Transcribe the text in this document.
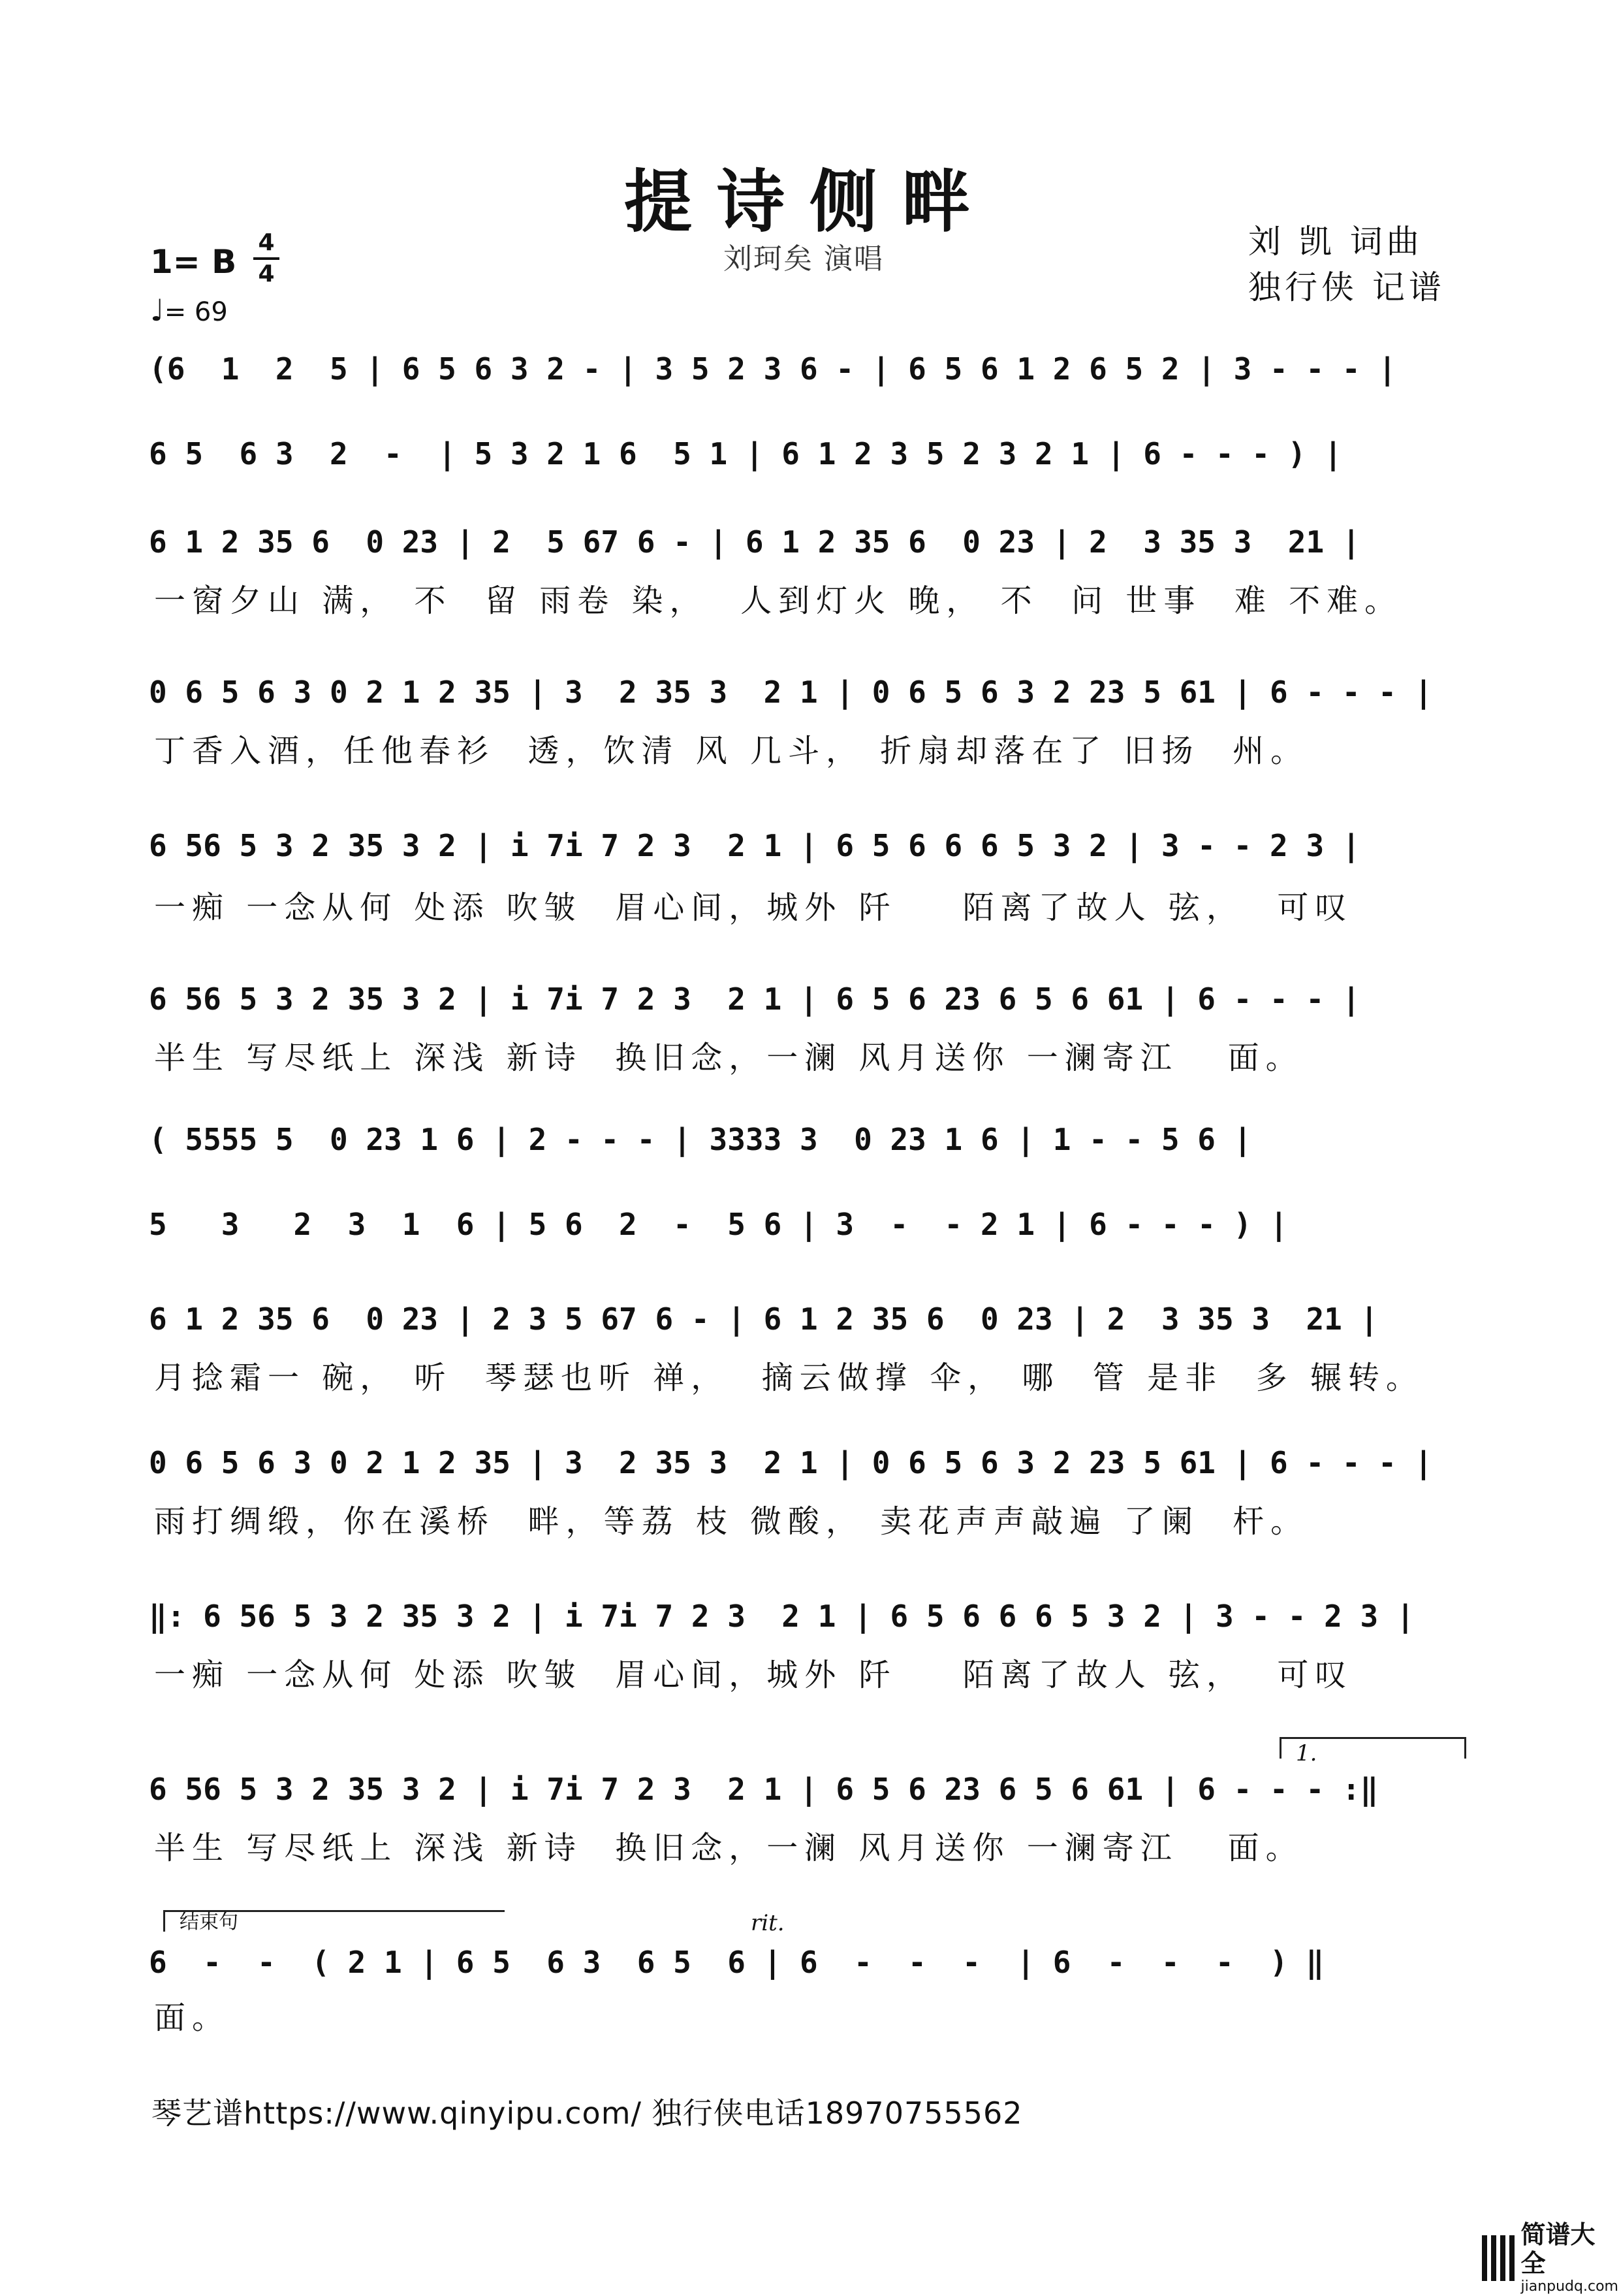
提诗侧畔
刘珂矣 演唱	刘 凯 词曲
独行侠 记谱
1= B
4
4
♩= 69
(6  1  2  5 | 6 5 6 3 2 - | 3 5 2 3 6 - | 6 5 6 1 2 6 5 2 | 3 - - - |
6 5  6 3  2  -  | 5 3 2 1 6  5 1 | 6 1 2 3 5 2 3 2 1 | 6 - - - ) |
6 1 2 35 6  0 23 | 2  5 67 6 - | 6 1 2 35 6  0 23 | 2  3 35 3  21 |
一窗夕山 满， 不  留 雨卷 染，  人到灯火 晚， 不  问 世事  难 不难。
0 6 5 6 3 0 2 1 2 35 | 3  2 35 3  2 1 | 0 6 5 6 3 2 23 5 61 | 6 - - - |
丁香入酒，任他春衫  透，饮清 风 几斗， 折扇却落在了 旧扬  州。
6 56 5 3 2 35 3 2 | i 7i 7 2 3  2 1 | 6 5 6 6 6 5 3 2 | 3 - - 2 3 |
一痴 一念从何 处添 吹皱  眉心间，城外 阡    陌离了故人 弦，  可叹
6 56 5 3 2 35 3 2 | i 7i 7 2 3  2 1 | 6 5 6 23 6 5 6 61 | 6 - - - |
半生 写尽纸上 深浅 新诗  换旧念，一澜 风月送你 一澜寄江   面。
( 5555 5  0 23 1 6 | 2 - - - | 3333 3  0 23 1 6 | 1 - - 5 6 |
5   3   2  3  1  6 | 5 6  2  -  5 6 | 3  -  - 2 1 | 6 - - - ) |
6 1 2 35 6  0 23 | 2 3 5 67 6 - | 6 1 2 35 6  0 23 | 2  3 35 3  21 |
月捻霜一 碗， 听  琴瑟也听 禅，  摘云做撑 伞， 哪  管 是非  多 辗转。
0 6 5 6 3 0 2 1 2 35 | 3  2 35 3  2 1 | 0 6 5 6 3 2 23 5 61 | 6 - - - |
雨打绸缎，你在溪桥  畔，等荔 枝 微酸， 卖花声声敲遍 了阑  杆。
‖: 6 56 5 3 2 35 3 2 | i 7i 7 2 3  2 1 | 6 5 6 6 6 5 3 2 | 3 - - 2 3 |
一痴 一念从何 处添 吹皱  眉心间，城外 阡    陌离了故人 弦，  可叹
1.
6 56 5 3 2 35 3 2 | i 7i 7 2 3  2 1 | 6 5 6 23 6 5 6 61 | 6 - - - :‖
半生 写尽纸上 深浅 新诗  换旧念，一澜 风月送你 一澜寄江   面。
结束句	rit.
6  -  -  ( 2 1 | 6 5  6 3  6 5  6 | 6  -  -  -  | 6  -  -  -  ) ‖
面。
琴艺谱https://www.qinyipu.com/ 独行侠电话18970755562
简谱大全
jianpudq.com
